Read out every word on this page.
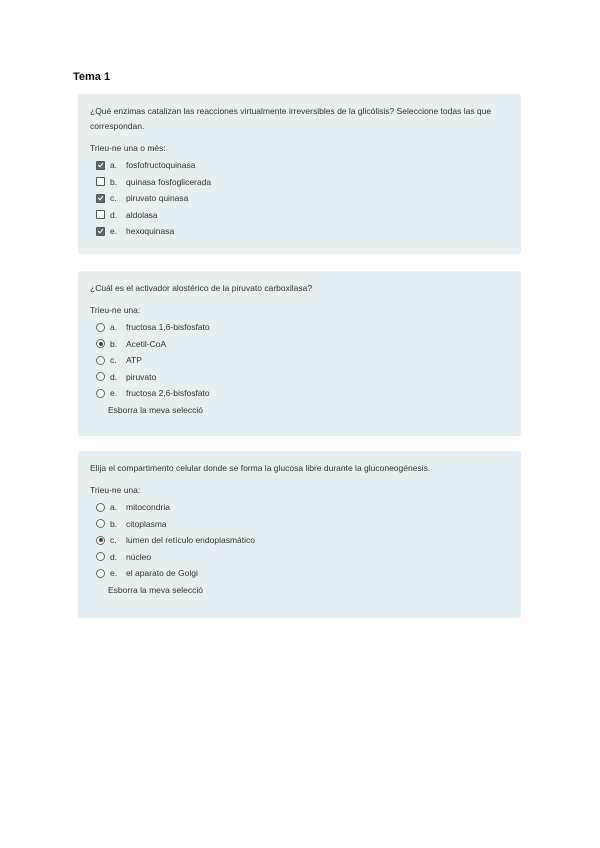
Tema 1

¿Qué enzimas catalizan las reacciones virtualmente irreversibles de la glicólisis? Seleccione todas las que correspondan.

Trieu-ne una o més:
a.	fosfofructoquinasa
b.	quinasa fosfoglicerada
c.	piruvato quinasa
d.	aldolasa
e.	hexoquinasa

¿Cuál es el activador alostérico de la piruvato carboxilasa?

Trieu-ne una:
a.	fructosa 1,6-bisfosfato
b.	Acetil-CoA
c.	ATP
d.	piruvato
e.	fructosa 2,6-bisfosfato
Esborra la meva selecció

Elija el compartimento celular donde se forma la glucosa libre durante la gluconeogénesis.

Trieu-ne una:
a.	mitocondria
b.	citoplasma
c.	lumen del retículo endoplasmático
d.	núcleo
e.	el aparato de Golgi
Esborra la meva selecció
